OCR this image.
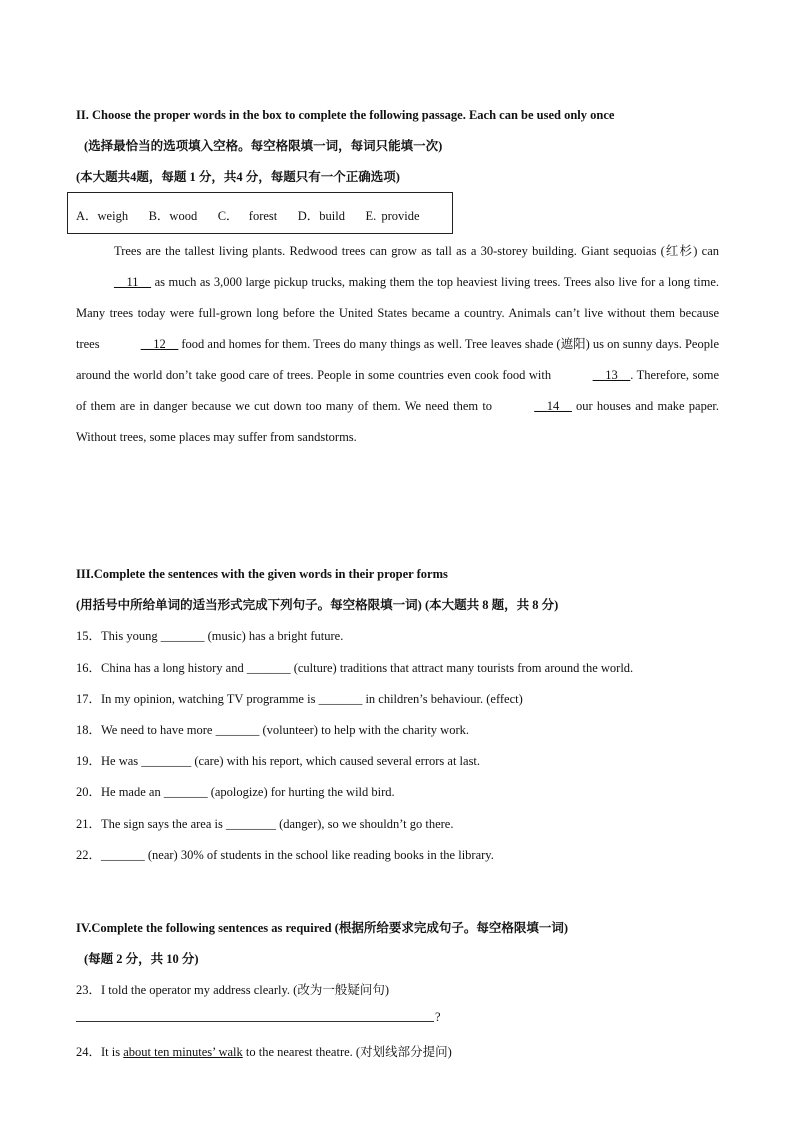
II. Choose the proper words in the box to complete the following passage. Each can be used only once
(选择最恰当的选项填入空格。每空格限填一词，每词只能填一次)
(本大题共4题，每题 1 分，共4 分，每题只有一个正确选项)
A．weigh    B．wood    C．  forest    D．build    E. provide

Trees are the tallest living plants. Redwood trees can grow as tall as a 30-storey building. Giant sequoias (红杉) can __11__ as much as 3,000 large pickup trucks, making them the top heaviest living trees. Trees also live for a long time. Many trees today were full-grown long before the United States became a country. Animals can’t live without them because trees	__12__ food and homes for them. Trees do many things as well. Tree leaves shade (遮阳) us on sunny days. People around the world don’t take good care of trees. People in some countries even cook food with	__13__. Therefore, some of them are in danger because we cut down too many of them. We need them to	__14__ our houses and make paper. Without trees, some places may suffer from sandstorms.

III.Complete the sentences with the given words in their proper forms
(用括号中所给单词的适当形式完成下列句子。每空格限填一词) (本大题共 8 题，共 8 分)
15．This young _______ (music) has a bright future.
16．China has a long history and _______ (culture) traditions that attract many tourists from around the world.
17．In my opinion, watching TV programme is _______ in children’s behaviour. (effect)
18．We need to have more _______ (volunteer) to help with the charity work.
19．He was ________ (care) with his report, which caused several errors at last.
20．He made an _______ (apologize) for hurting the wild bird.
21．The sign says the area is ________ (danger), so we shouldn’t go there.
22．_______ (near) 30% of students in the school like reading books in the library.
IV.Complete the following sentences as required (根据所给要求完成句子。每空格限填一词)
(每题 2 分，共 10 分)
23．I told the operator my address clearly. (改为一般疑问句)
?
24．It is about ten minutes’ walk to the nearest theatre. (对划线部分提问)
